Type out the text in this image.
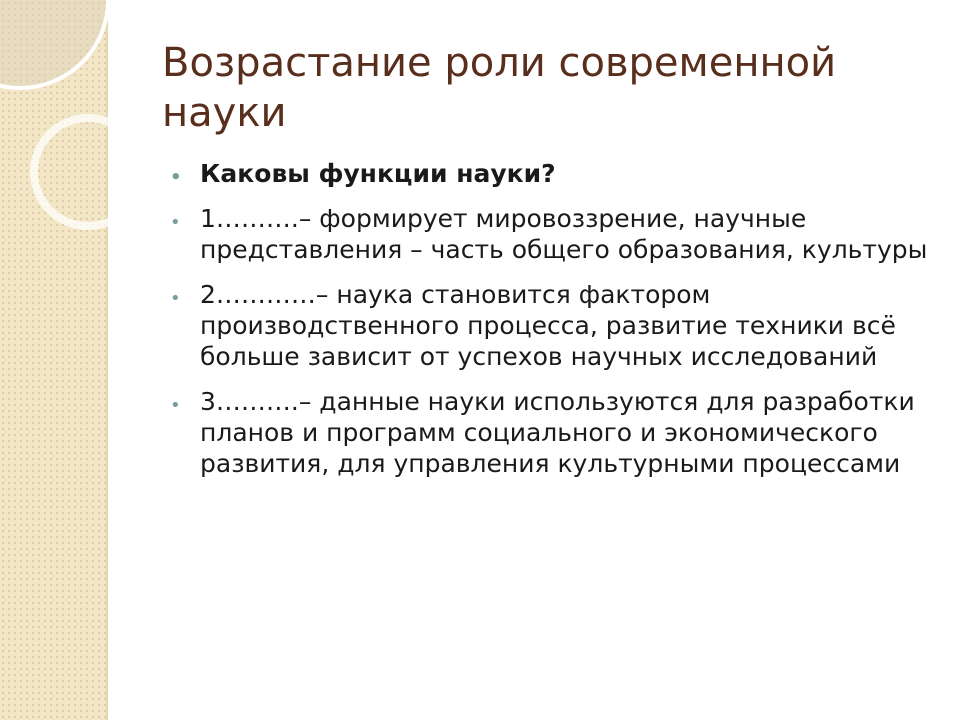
Возрастание роли современной науки
• Каковы функции науки?
• 1……….– формирует мировоззрение, научные представления – часть общего образования, культуры
• 2…………– наука становится фактором производственного процесса, развитие техники всё больше зависит от успехов научных исследований
• 3……….– данные науки используются для разработки планов и программ социального и экономического развития, для управления культурными процессами
